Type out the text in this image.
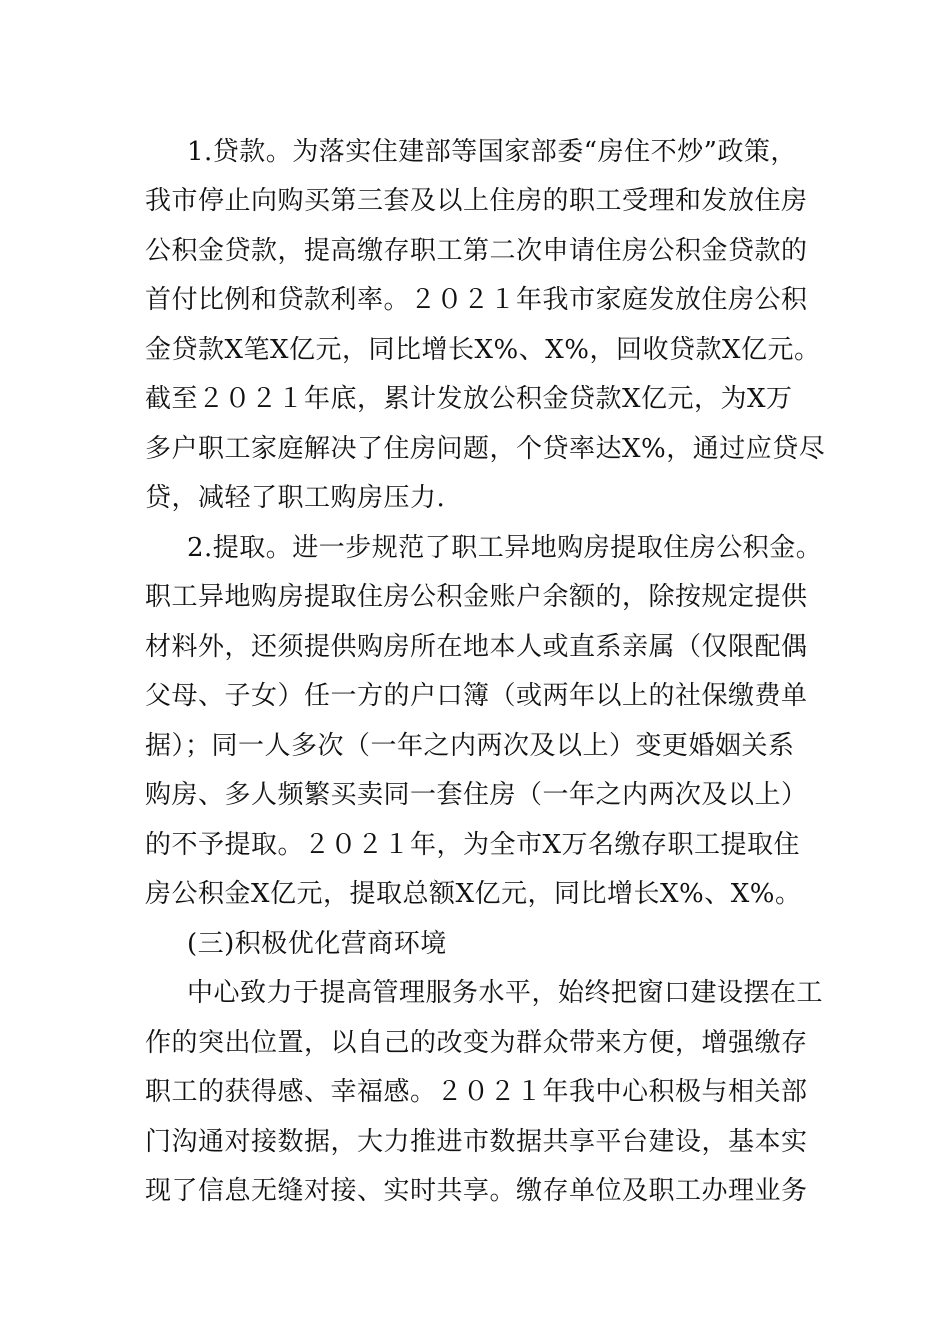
1.贷款。为落实住建部等国家部委“房住不炒”政策，
我市停止向购买第三套及以上住房的职工受理和发放住房
公积金贷款，提高缴存职工第二次申请住房公积金贷款的
首付比例和贷款利率。２０２１年我市家庭发放住房公积
金贷款X笔X亿元，同比增长X%、X%，回收贷款X亿元。
截至２０２１年底，累计发放公积金贷款X亿元，为X万
多户职工家庭解决了住房问题，个贷率达X%，通过应贷尽
贷，减轻了职工购房压力.
2.提取。进一步规范了职工异地购房提取住房公积金。
职工异地购房提取住房公积金账户余额的，除按规定提供
材料外，还须提供购房所在地本人或直系亲属（仅限配偶
父母、子女）任一方的户口簿（或两年以上的社保缴费单
据）；同一人多次（一年之内两次及以上）变更婚姻关系
购房、多人频繁买卖同一套住房（一年之内两次及以上）
的不予提取。２０２１年，为全市X万名缴存职工提取住
房公积金X亿元，提取总额X亿元，同比增长X%、X%。
(三)积极优化营商环境
中心致力于提高管理服务水平，始终把窗口建设摆在工
作的突出位置，以自己的改变为群众带来方便，增强缴存
职工的获得感、幸福感。２０２１年我中心积极与相关部
门沟通对接数据，大力推进市数据共享平台建设，基本实
现了信息无缝对接、实时共享。缴存单位及职工办理业务
